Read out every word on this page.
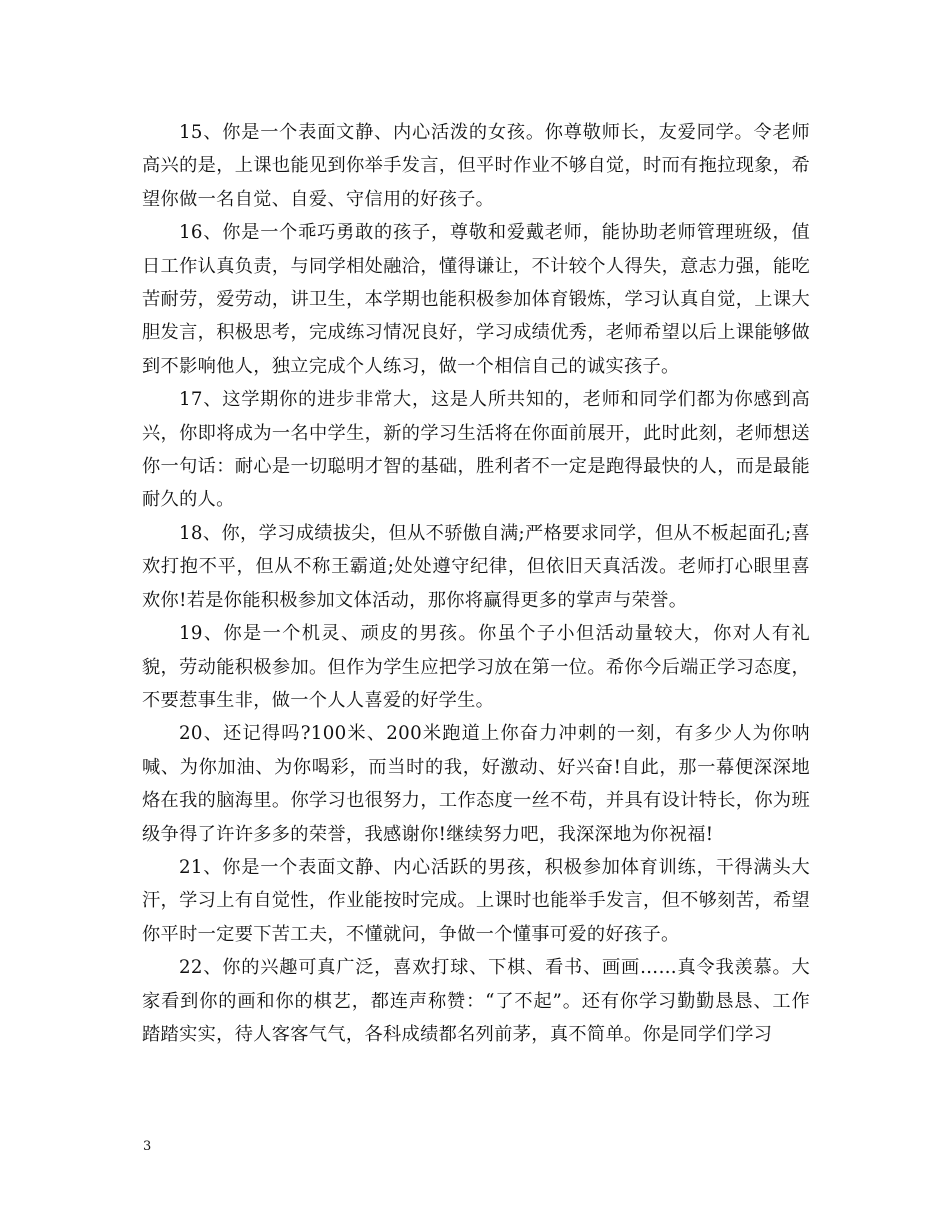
15、你是一个表面文静、内心活泼的女孩。你尊敬师长，友爱同学。令老师高兴的是，上课也能见到你举手发言，但平时作业不够自觉，时而有拖拉现象，希望你做一名自觉、自爱、守信用的好孩子。

16、你是一个乖巧勇敢的孩子，尊敬和爱戴老师，能协助老师管理班级，值日工作认真负责，与同学相处融洽，懂得谦让，不计较个人得失，意志力强，能吃苦耐劳，爱劳动，讲卫生，本学期也能积极参加体育锻炼，学习认真自觉，上课大胆发言，积极思考，完成练习情况良好，学习成绩优秀，老师希望以后上课能够做到不影响他人，独立完成个人练习，做一个相信自己的诚实孩子。

17、这学期你的进步非常大，这是人所共知的，老师和同学们都为你感到高兴，你即将成为一名中学生，新的学习生活将在你面前展开，此时此刻，老师想送你一句话：耐心是一切聪明才智的基础，胜利者不一定是跑得最快的人，而是最能耐久的人。

18、你，学习成绩拔尖，但从不骄傲自满;严格要求同学，但从不板起面孔;喜欢打抱不平，但从不称王霸道;处处遵守纪律，但依旧天真活泼。老师打心眼里喜欢你!若是你能积极参加文体活动，那你将赢得更多的掌声与荣誉。

19、你是一个机灵、顽皮的男孩。你虽个子小但活动量较大，你对人有礼貌，劳动能积极参加。但作为学生应把学习放在第一位。希你今后端正学习态度，不要惹事生非，做一个人人喜爱的好学生。

20、还记得吗?100米、200米跑道上你奋力冲刺的一刻，有多少人为你呐喊、为你加油、为你喝彩，而当时的我，好激动、好兴奋!自此，那一幕便深深地烙在我的脑海里。你学习也很努力，工作态度一丝不苟，并具有设计特长，你为班级争得了许许多多的荣誉，我感谢你!继续努力吧，我深深地为你祝福!

21、你是一个表面文静、内心活跃的男孩，积极参加体育训练，干得满头大汗，学习上有自觉性，作业能按时完成。上课时也能举手发言，但不够刻苦，希望你平时一定要下苦工夫，不懂就问，争做一个懂事可爱的好孩子。

22、你的兴趣可真广泛，喜欢打球、下棋、看书、画画……真令我羡慕。大家看到你的画和你的棋艺，都连声称赞：“了不起”。还有你学习勤勤恳恳、工作踏踏实实，待人客客气气，各科成绩都名列前茅，真不简单。你是同学们学习

3
